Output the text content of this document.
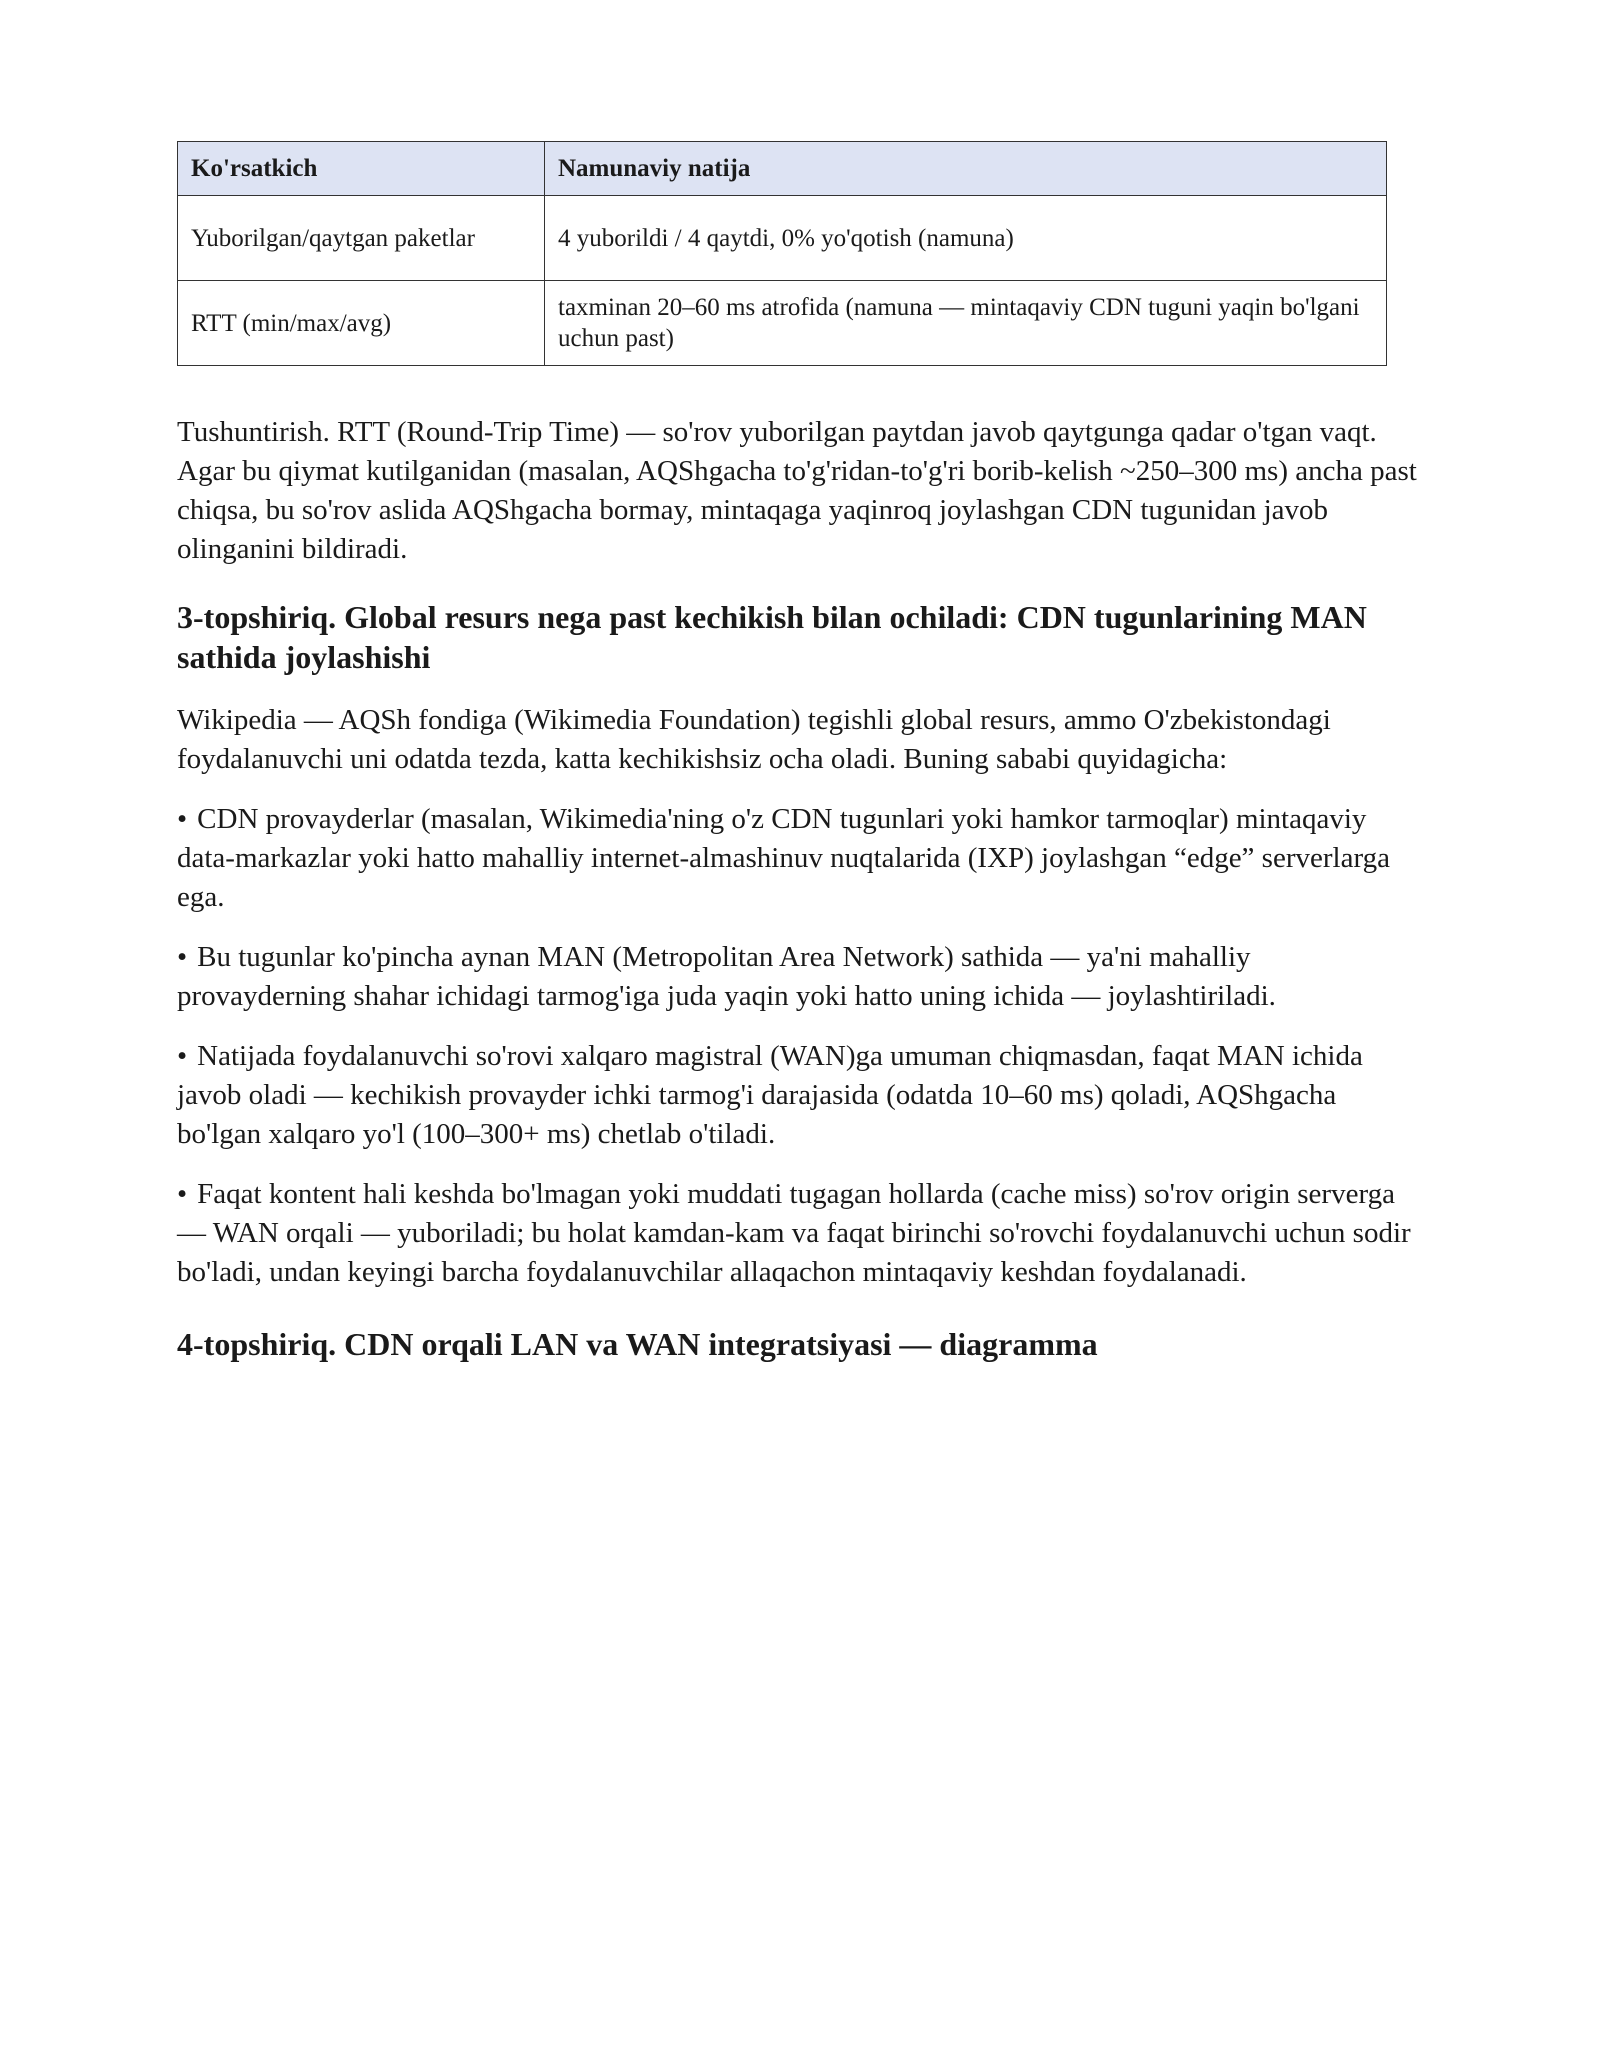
Ko'rsatkich	Namunaviy natija
Yuborilgan/qaytgan paketlar	4 yuborildi / 4 qaytdi, 0% yo'qotish (namuna)
RTT (min/max/avg)	taxminan 20–60 ms atrofida (namuna — mintaqaviy CDN tuguni yaqin bo'lgani uchun past)

Tushuntirish. RTT (Round-Trip Time) — so'rov yuborilgan paytdan javob qaytgunga qadar o'tgan vaqt. Agar bu qiymat kutilganidan (masalan, AQShgacha to'g'ridan-to'g'ri borib-kelish ~250–300 ms) ancha past chiqsa, bu so'rov aslida AQShgacha bormay, mintaqaga yaqinroq joylashgan CDN tugunidan javob olinganini bildiradi.

3-topshiriq. Global resurs nega past kechikish bilan ochiladi: CDN tugunlarining MAN sathida joylashishi

Wikipedia — AQSh fondiga (Wikimedia Foundation) tegishli global resurs, ammo O'zbekistondagi foydalanuvchi uni odatda tezda, katta kechikishsiz ocha oladi. Buning sababi quyidagicha:

• CDN provayderlar (masalan, Wikimedia'ning o'z CDN tugunlari yoki hamkor tarmoqlar) mintaqaviy data-markazlar yoki hatto mahalliy internet-almashinuv nuqtalarida (IXP) joylashgan “edge” serverlarga ega.

• Bu tugunlar ko'pincha aynan MAN (Metropolitan Area Network) sathida — ya'ni mahalliy provayderning shahar ichidagi tarmog'iga juda yaqin yoki hatto uning ichida — joylashtiriladi.

• Natijada foydalanuvchi so'rovi xalqaro magistral (WAN)ga umuman chiqmasdan, faqat MAN ichida javob oladi — kechikish provayder ichki tarmog'i darajasida (odatda 10–60 ms) qoladi, AQShgacha bo'lgan xalqaro yo'l (100–300+ ms) chetlab o'tiladi.

• Faqat kontent hali keshda bo'lmagan yoki muddati tugagan hollarda (cache miss) so'rov origin serverga — WAN orqali — yuboriladi; bu holat kamdan-kam va faqat birinchi so'rovchi foydalanuvchi uchun sodir bo'ladi, undan keyingi barcha foydalanuvchilar allaqachon mintaqaviy keshdan foydalanadi.

4-topshiriq. CDN orqali LAN va WAN integratsiyasi — diagramma
